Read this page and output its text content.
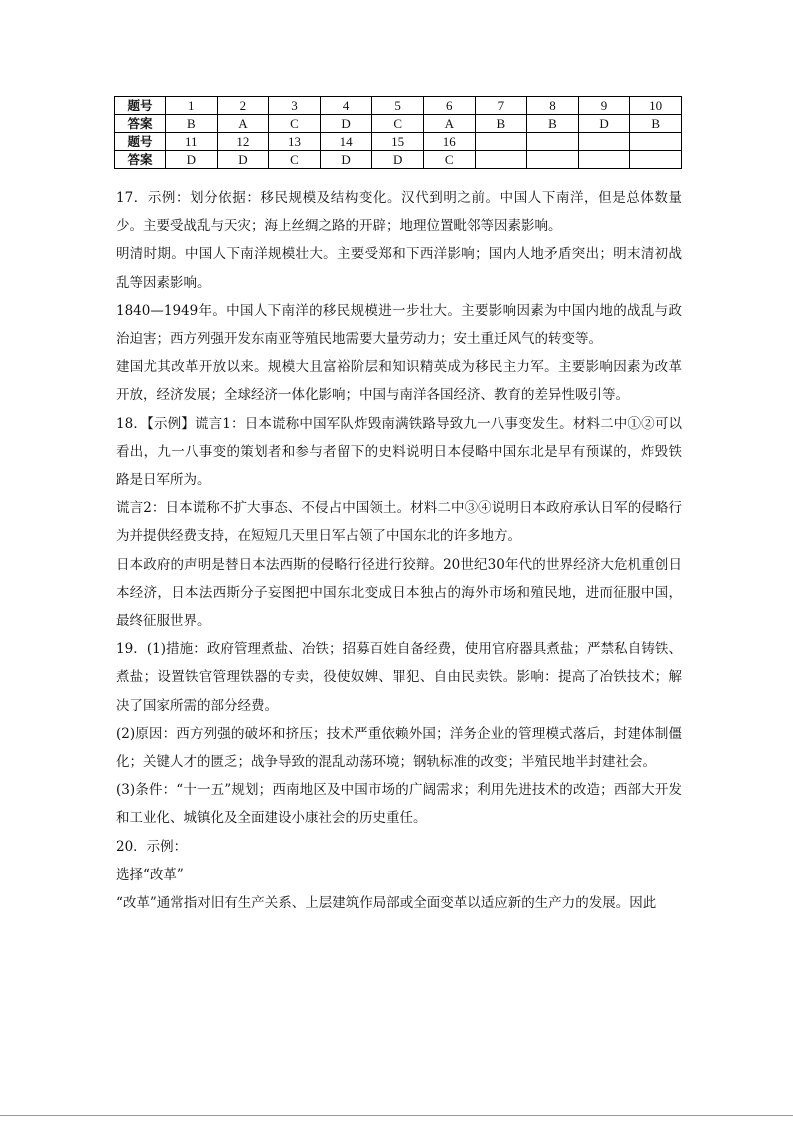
题号	1	2	3	4	5	6	7	8	9	10
答案	B	A	C	D	C	A	B	B	D	B
题号	11	12	13	14	15	16				
答案	D	D	C	D	D	C				

17．示例：划分依据：移民规模及结构变化。汉代到明之前。中国人下南洋，但是总体数量少。主要受战乱与天灾；海上丝绸之路的开辟；地理位置毗邻等因素影响。

明清时期。中国人下南洋规模壮大。主要受郑和下西洋影响；国内人地矛盾突出；明末清初战乱等因素影响。

1840—1949年。中国人下南洋的移民规模进一步壮大。主要影响因素为中国内地的战乱与政治迫害；西方列强开发东南亚等殖民地需要大量劳动力；安土重迁风气的转变等。

建国尤其改革开放以来。规模大且富裕阶层和知识精英成为移民主力军。主要影响因素为改革开放，经济发展；全球经济一体化影响；中国与南洋各国经济、教育的差异性吸引等。

18．【示例】谎言1：日本谎称中国军队炸毁南满铁路导致九一八事变发生。材料二中①②可以看出，九一八事变的策划者和参与者留下的史料说明日本侵略中国东北是早有预谋的，炸毁铁路是日军所为。

谎言2：日本谎称不扩大事态、不侵占中国领土。材料二中③④说明日本政府承认日军的侵略行为并提供经费支持，在短短几天里日军占领了中国东北的许多地方。

日本政府的声明是替日本法西斯的侵略行径进行狡辩。20世纪30年代的世界经济大危机重创日本经济，日本法西斯分子妄图把中国东北变成日本独占的海外市场和殖民地，进而征服中国，最终征服世界。

19．(1)措施：政府管理煮盐、冶铁；招募百姓自备经费，使用官府器具煮盐；严禁私自铸铁、煮盐；设置铁官管理铁器的专卖，役使奴婢、罪犯、自由民卖铁。影响：提高了冶铁技术；解决了国家所需的部分经费。

(2)原因：西方列强的破坏和挤压；技术严重依赖外国；洋务企业的管理模式落后，封建体制僵化；关键人才的匮乏；战争导致的混乱动荡环境；钢轨标准的改变；半殖民地半封建社会。

(3)条件：“十一五”规划；西南地区及中国市场的广阔需求；利用先进技术的改造；西部大开发和工业化、城镇化及全面建设小康社会的历史重任。

20．示例：

选择“改革”

“改革”通常指对旧有生产关系、上层建筑作局部或全面变革以适应新的生产力的发展。因此
